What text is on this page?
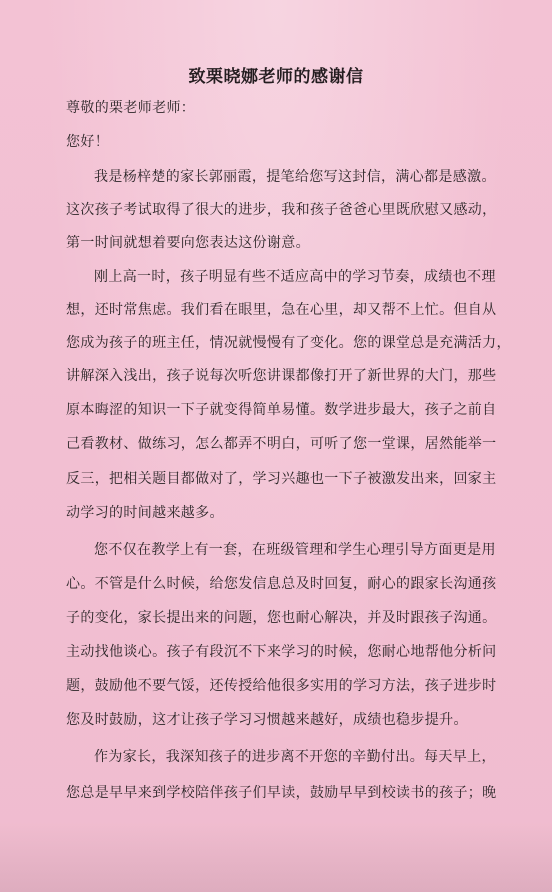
致栗晓娜老师的感谢信
尊敬的栗老师老师：
您好！
我是杨梓楚的家长郭丽霞，提笔给您写这封信，满心都是感激。
这次孩子考试取得了很大的进步，我和孩子爸爸心里既欣慰又感动，
第一时间就想着要向您表达这份谢意。
刚上高一时，孩子明显有些不适应高中的学习节奏，成绩也不理
想，还时常焦虑。我们看在眼里，急在心里，却又帮不上忙。但自从
您成为孩子的班主任，情况就慢慢有了变化。您的课堂总是充满活力，
讲解深入浅出，孩子说每次听您讲课都像打开了新世界的大门，那些
原本晦涩的知识一下子就变得简单易懂。数学进步最大，孩子之前自
己看教材、做练习，怎么都弄不明白，可听了您一堂课，居然能举一
反三，把相关题目都做对了，学习兴趣也一下子被激发出来，回家主
动学习的时间越来越多。
您不仅在教学上有一套，在班级管理和学生心理引导方面更是用
心。不管是什么时候，给您发信息总及时回复，耐心的跟家长沟通孩
子的变化，家长提出来的问题，您也耐心解决，并及时跟孩子沟通。
主动找他谈心。孩子有段沉不下来学习的时候，您耐心地帮他分析问
题，鼓励他不要气馁，还传授给他很多实用的学习方法，孩子进步时
您及时鼓励，这才让孩子学习习惯越来越好，成绩也稳步提升。
作为家长，我深知孩子的进步离不开您的辛勤付出。每天早上，
您总是早早来到学校陪伴孩子们早读，鼓励早早到校读书的孩子；晚
